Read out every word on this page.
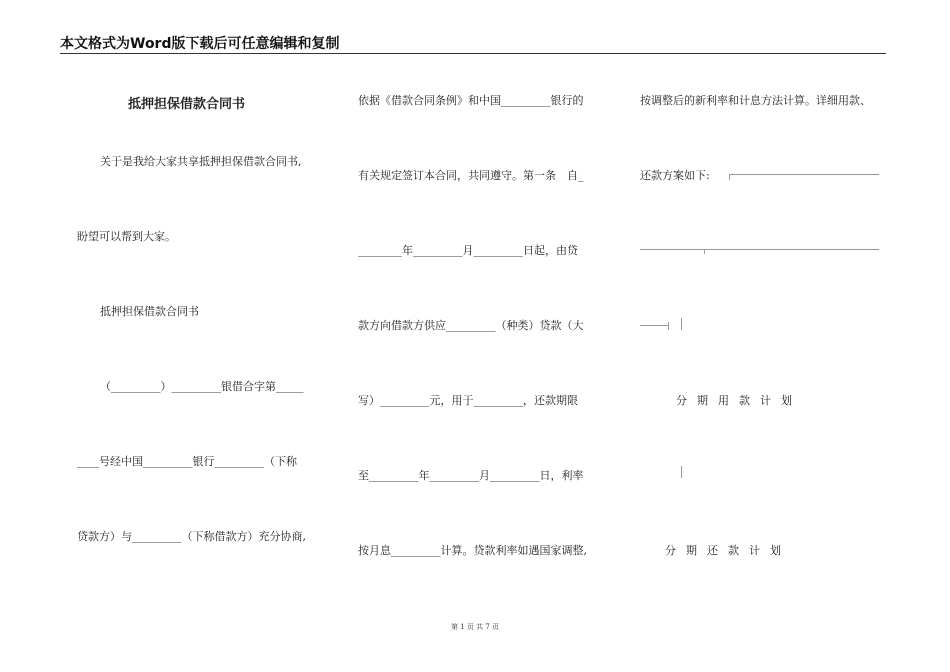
本文格式为Word版下载后可任意编辑和复制
抵押担保借款合同书
关于是我给大家共享抵押担保借款合同书,
盼望可以帮到大家。
抵押担保借款合同书
（_________）_________银借合字第_____
____号经中国_________银行_________（下称
贷款方）与_________（下称借款方）充分协商,
依据《借款合同条例》和中国_________银行的
有关规定签订本合同，共同遵守。第一条　自_
________年_________月_________日起，由贷
款方向借款方供应_________（种类）贷款（大
写）_________元，用于_________，还款期限
至_________年_________月_________日，利率
按月息_________计算。贷款利率如遇国家调整,
按调整后的新利率和计息方法计算。详细用款、
还款方案如下:
分期用款计划
分期还款计划
第 1 页 共 7 页
